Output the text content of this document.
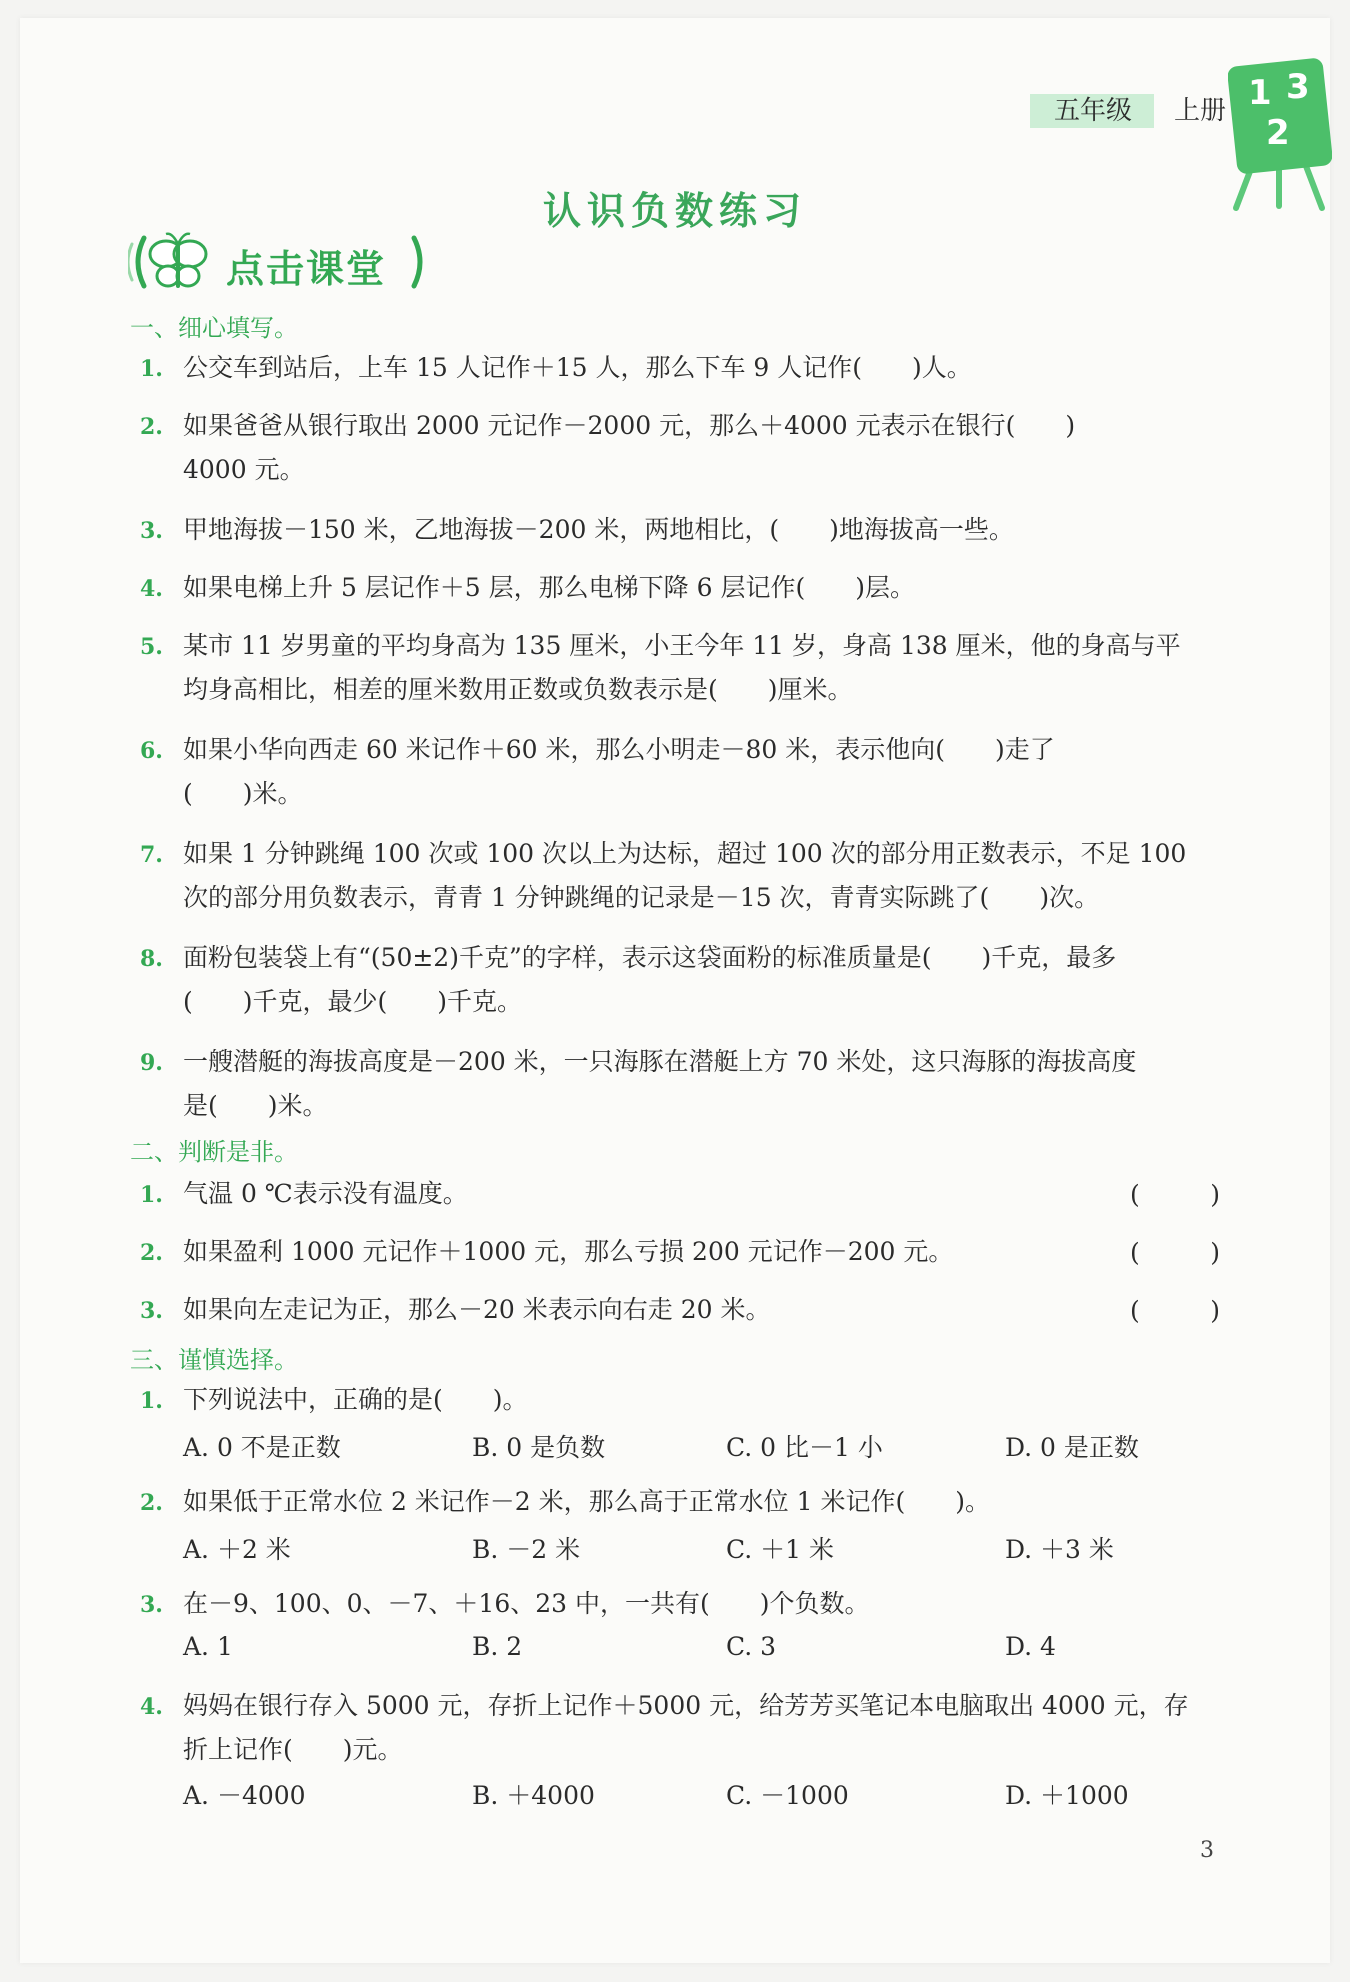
五年级	上册 1 3
2
认识负数练习
点击课堂
一、细心填写。
1. 公交车到站后，上车 15 人记作＋15 人，那么下车 9 人记作(　　)人。
2. 如果爸爸从银行取出 2000 元记作－2000 元，那么＋4000 元表示在银行(　　)
4000 元。
3. 甲地海拔－150 米，乙地海拔－200 米，两地相比，(　　)地海拔高一些。
4. 如果电梯上升 5 层记作＋5 层，那么电梯下降 6 层记作(　　)层。
5. 某市 11 岁男童的平均身高为 135 厘米，小王今年 11 岁，身高 138 厘米，他的身高与平
均身高相比，相差的厘米数用正数或负数表示是(　　)厘米。
6. 如果小华向西走 60 米记作＋60 米，那么小明走－80 米，表示他向(　　)走了
(　　)米。
7. 如果 1 分钟跳绳 100 次或 100 次以上为达标，超过 100 次的部分用正数表示，不足 100
次的部分用负数表示，青青 1 分钟跳绳的记录是－15 次，青青实际跳了(　　)次。
8. 面粉包装袋上有“(50±2)千克”的字样，表示这袋面粉的标准质量是(　　)千克，最多
(　　)千克，最少(　　)千克。
9. 一艘潜艇的海拔高度是－200 米，一只海豚在潜艇上方 70 米处，这只海豚的海拔高度
是(　　)米。
二、判断是非。
1. 气温 0 ℃表示没有温度。	(	)
2. 如果盈利 1000 元记作＋1000 元，那么亏损 200 元记作－200 元。	(	)
3. 如果向左走记为正，那么－20 米表示向右走 20 米。	(	)
三、谨慎选择。
1. 下列说法中，正确的是(　　)。
A. 0 不是正数	B. 0 是负数	C. 0 比－1 小	D. 0 是正数
2. 如果低于正常水位 2 米记作－2 米，那么高于正常水位 1 米记作(　　)。
A. ＋2 米	B. －2 米	C. ＋1 米	D. ＋3 米
3. 在－9、100、0、－7、＋16、23 中，一共有(　　)个负数。
A. 1	B. 2	C. 3	D. 4
4. 妈妈在银行存入 5000 元，存折上记作＋5000 元，给芳芳买笔记本电脑取出 4000 元，存
折上记作(　　)元。
A. －4000	B. ＋4000	C. －1000	D. ＋1000
3
